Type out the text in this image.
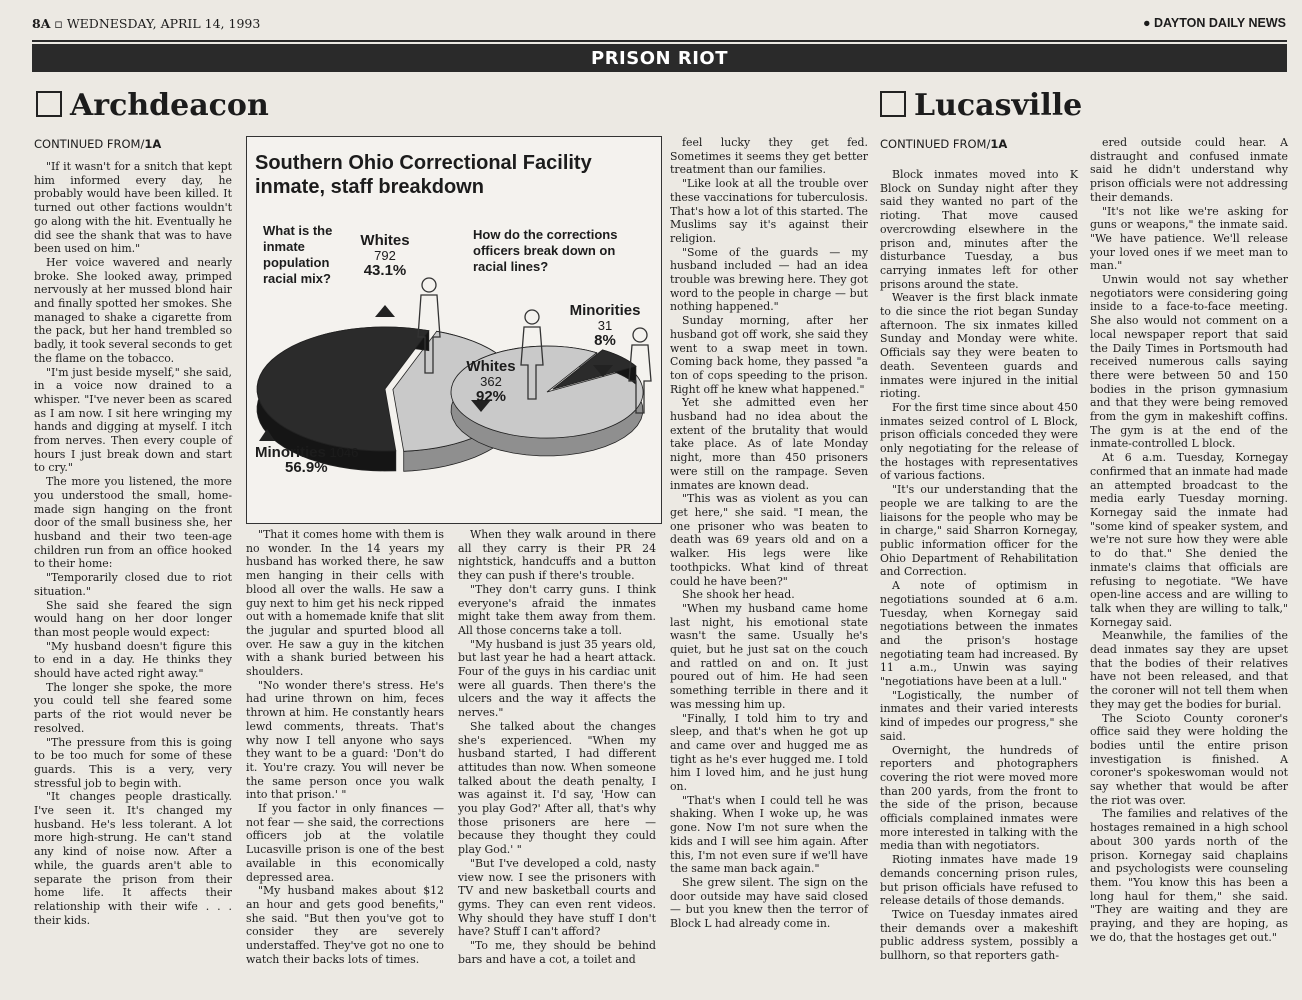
8A ▫ WEDNESDAY, APRIL 14, 1993	● DAYTON DAILY NEWS
PRISON RIOT
Archdeacon
CONTINUED FROM/1A
Lucasville
CONTINUED FROM/1A

"If it wasn't for a snitch that kept him informed every day, he probably would have been killed. It turned out other factions wouldn't go along with the hit. Eventually he did see the shank that was to have been used on him."

Her voice wavered and nearly broke. She looked away, primped nervously at her mussed blond hair and finally spotted her smokes. She managed to shake a cigarette from the pack, but her hand trembled so badly, it took several seconds to get the flame on the tobacco.

"I'm just beside myself," she said, in a voice now drained to a whisper. "I've never been as scared as I am now. I sit here wringing my hands and digging at myself. I itch from nerves. Then every couple of hours I just break down and start to cry."

The more you listened, the more you understood the small, home-made sign hanging on the front door of the small business she, her husband and their two teen-age children run from an office hooked to their home:

"Temporarily closed due to riot situation."

She said she feared the sign would hang on her door longer than most people would expect:

"My husband doesn't figure this to end in a day. He thinks they should have acted right away."

The longer she spoke, the more you could tell she feared some parts of the riot would never be resolved.

"The pressure from this is going to be too much for some of these guards. This is a very, very stressful job to begin with.

"It changes people drastically. I've seen it. It's changed my husband. He's less tolerant. A lot more high-strung. He can't stand any kind of noise now. After a while, the guards aren't able to separate the prison from their home life. It affects their relationship with their wife . . . their kids.

"That it comes home with them is no wonder. In the 14 years my husband has worked there, he saw men hanging in their cells with blood all over the walls. He saw a guy next to him get his neck ripped out with a homemade knife that slit the jugular and spurted blood all over. He saw a guy in the kitchen with a shank buried between his shoulders.

"No wonder there's stress. He's had urine thrown on him, feces thrown at him. He constantly hears lewd comments, threats. That's why now I tell anyone who says they want to be a guard: 'Don't do it. You're crazy. You will never be the same person once you walk into that prison.' "

If you factor in only finances — not fear — she said, the corrections officers job at the volatile Lucasville prison is one of the best available in this economically depressed area.

"My husband makes about $12 an hour and gets good benefits," she said. "But then you've got to consider they are severely understaffed. They've got no one to watch their backs lots of times.

When they walk around in there all they carry is their PR 24 nightstick, handcuffs and a button they can push if there's trouble.

"They don't carry guns. I think everyone's afraid the inmates might take them away from them. All those concerns take a toll.

"My husband is just 35 years old, but last year he had a heart attack. Four of the guys in his cardiac unit were all guards. Then there's the ulcers and the way it affects the nerves."

She talked about the changes she's experienced. "When my husband started, I had different attitudes than now. When someone talked about the death penalty, I was against it. I'd say, 'How can you play God?' After all, that's why those prisoners are here — because they thought they could play God.' "

"But I've developed a cold, nasty view now. I see the prisoners with TV and new basketball courts and gyms. They can even rent videos. Why should they have stuff I don't have? Stuff I can't afford?

"To me, they should be behind bars and have a cot, a toilet and

feel lucky they get fed. Sometimes it seems they get better treatment than our families.

"Like look at all the trouble over these vaccinations for tuberculosis. That's how a lot of this started. The Muslims say it's against their religion.

"Some of the guards — my husband included — had an idea trouble was brewing here. They got word to the people in charge — but nothing happened."

Sunday morning, after her husband got off work, she said they went to a swap meet in town. Coming back home, they passed "a ton of cops speeding to the prison. Right off he knew what happened."

Yet she admitted even her husband had no idea about the extent of the brutality that would take place. As of late Monday night, more than 450 prisoners were still on the rampage. Seven inmates are known dead.

"This was as violent as you can get here," she said. "I mean, the one prisoner who was beaten to death was 69 years old and on a walker. His legs were like toothpicks. What kind of threat could he have been?"

She shook her head.

"When my husband came home last night, his emotional state wasn't the same. Usually he's quiet, but he just sat on the couch and rattled on and on. It just poured out of him. He had seen something terrible in there and it was messing him up.

"Finally, I told him to try and sleep, and that's when he got up and came over and hugged me as tight as he's ever hugged me. I told him I loved him, and he just hung on.

"That's when I could tell he was shaking. When I woke up, he was gone. Now I'm not sure when the kids and I will see him again. After this, I'm not even sure if we'll have the same man back again."

She grew silent. The sign on the door outside may have said closed — but you knew then the terror of Block L had already come in.

Block inmates moved into K Block on Sunday night after they said they wanted no part of the rioting. That move caused overcrowding elsewhere in the prison and, minutes after the disturbance Tuesday, a bus carrying inmates left for other prisons around the state.

Weaver is the first black inmate to die since the riot began Sunday afternoon. The six inmates killed Sunday and Monday were white. Officials say they were beaten to death. Seventeen guards and inmates were injured in the initial rioting.

For the first time since about 450 inmates seized control of L Block, prison officials conceded they were only negotiating for the release of the hostages with representatives of various factions.

"It's our understanding that the people we are talking to are the liaisons for the people who may be in charge," said Sharron Kornegay, public information officer for the Ohio Department of Rehabilitation and Correction.

A note of optimism in negotiations sounded at 6 a.m. Tuesday, when Kornegay said negotiations between the inmates and the prison's hostage negotiating team had increased. By 11 a.m., Unwin was saying "negotiations have been at a lull."

"Logistically, the number of inmates and their varied interests kind of impedes our progress," she said.

Overnight, the hundreds of reporters and photographers covering the riot were moved more than 200 yards, from the front to the side of the prison, because officials complained inmates were more interested in talking with the media than with negotiators.

Rioting inmates have made 19 demands concerning prison rules, but prison officials have refused to release details of those demands.

Twice on Tuesday inmates aired their demands over a makeshift public address system, possibly a bullhorn, so that reporters gath-

ered outside could hear. A distraught and confused inmate said he didn't understand why prison officials were not addressing their demands.

"It's not like we're asking for guns or weapons," the inmate said. "We have patience. We'll release your loved ones if we meet man to man."

Unwin would not say whether negotiators were considering going inside to a face-to-face meeting. She also would not comment on a local newspaper report that said the Daily Times in Portsmouth had received numerous calls saying there were between 50 and 150 bodies in the prison gymnasium and that they were being removed from the gym in makeshift coffins. The gym is at the end of the inmate-controlled L block.

At 6 a.m. Tuesday, Kornegay confirmed that an inmate had made an attempted broadcast to the media early Tuesday morning. Kornegay said the inmate had "some kind of speaker system, and we're not sure how they were able to do that." She denied the inmate's claims that officials are refusing to negotiate. "We have open-line access and are willing to talk when they are willing to talk," Kornegay said.

Meanwhile, the families of the dead inmates say they are upset that the bodies of their relatives have not been released, and that the coroner will not tell them when they may get the bodies for burial.

The Scioto County coroner's office said they were holding the bodies until the entire prison investigation is finished. A coroner's spokeswoman would not say whether that would be after the riot was over.

The families and relatives of the hostages remained in a high school about 300 yards north of the prison. Kornegay said chaplains and psychologists were counseling them. "You know this has been a long haul for them," she said. "They are waiting and they are praying, and they are hoping, as we do, that the hostages get out."

Southern Ohio Correctional Facility inmate, staff breakdown
What is the inmate population racial mix?
How do the corrections officers break down on racial lines?
Whites
792
43.1%
Minorities 1046
56.9%
Whites
362
92%
Minorities
31
8%
